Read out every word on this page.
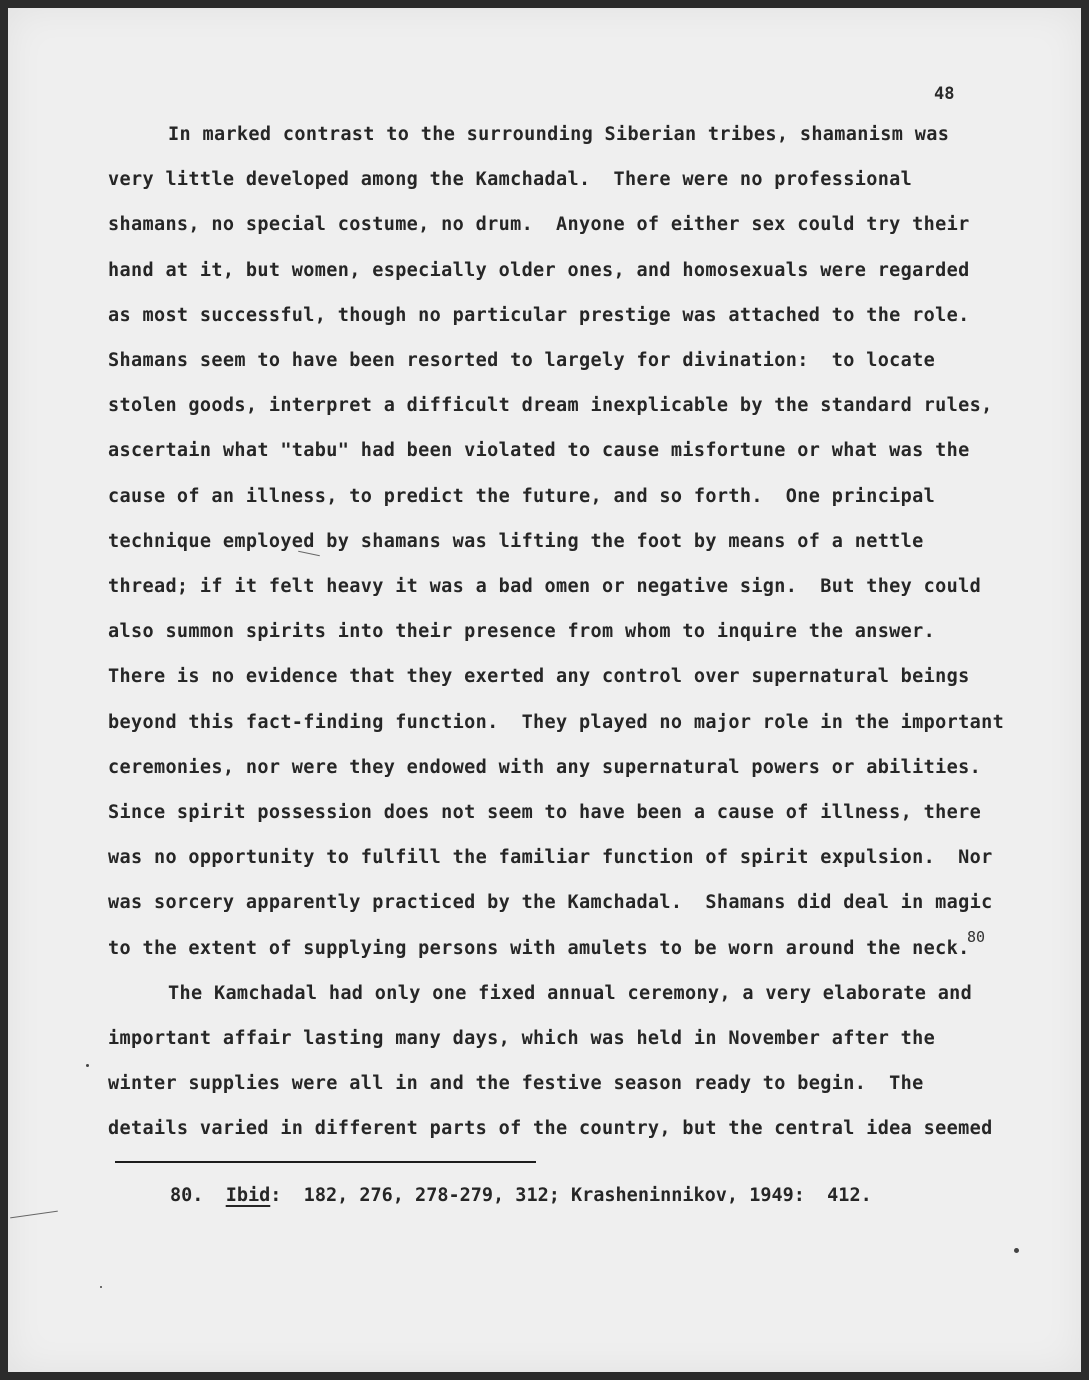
48
In marked contrast to the surrounding Siberian tribes, shamanism was
very little developed among the Kamchadal.  There were no professional
shamans, no special costume, no drum.  Anyone of either sex could try their
hand at it, but women, especially older ones, and homosexuals were regarded
as most successful, though no particular prestige was attached to the role.
Shamans seem to have been resorted to largely for divination:  to locate
stolen goods, interpret a difficult dream inexplicable by the standard rules,
ascertain what "tabu" had been violated to cause misfortune or what was the
cause of an illness, to predict the future, and so forth.  One principal
technique employed by shamans was lifting the foot by means of a nettle
thread; if it felt heavy it was a bad omen or negative sign.  But they could
also summon spirits into their presence from whom to inquire the answer.
There is no evidence that they exerted any control over supernatural beings
beyond this fact-finding function.  They played no major role in the important
ceremonies, nor were they endowed with any supernatural powers or abilities.
Since spirit possession does not seem to have been a cause of illness, there
was no opportunity to fulfill the familiar function of spirit expulsion.  Nor
was sorcery apparently practiced by the Kamchadal.  Shamans did deal in magic
to the extent of supplying persons with amulets to be worn around the neck.
The Kamchadal had only one fixed annual ceremony, a very elaborate and
important affair lasting many days, which was held in November after the
winter supplies were all in and the festive season ready to begin.  The
details varied in different parts of the country, but the central idea seemed
80
80. Ibid:  182, 276, 278-279, 312; Krasheninnikov, 1949:  412.
